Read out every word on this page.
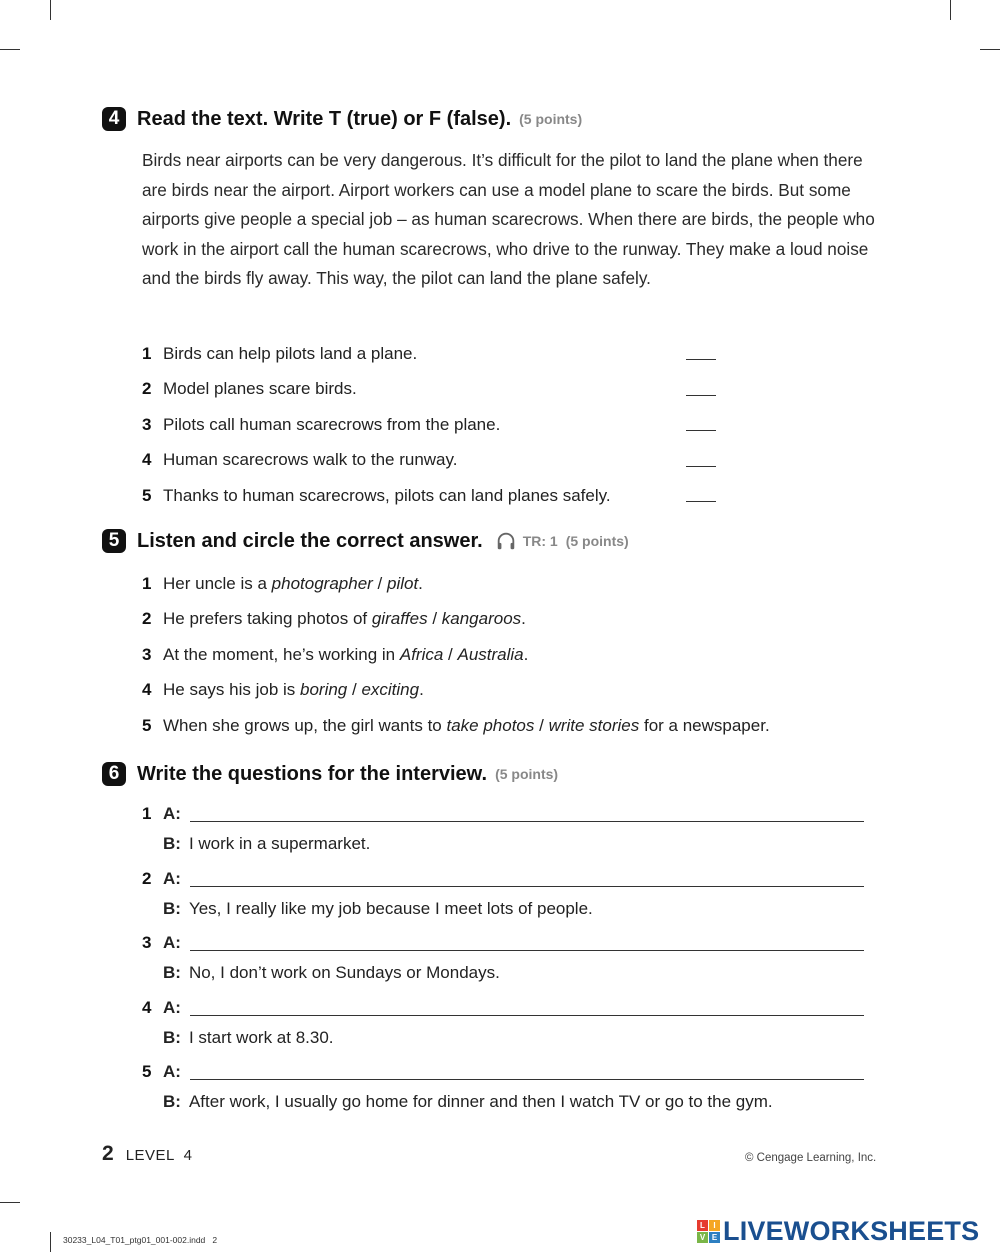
4 Read the text. Write T (true) or F (false). (5 points)
Birds near airports can be very dangerous. It’s difficult for the pilot to land the plane when there are birds near the airport. Airport workers can use a model plane to scare the birds. But some airports give people a special job – as human scarecrows. When there are birds, the people who work in the airport call the human scarecrows, who drive to the runway. They make a loud noise and the birds fly away. This way, the pilot can land the plane safely.
1 Birds can help pilots land a plane.
2 Model planes scare birds.
3 Pilots call human scarecrows from the plane.
4 Human scarecrows walk to the runway.
5 Thanks to human scarecrows, pilots can land planes safely.
5 Listen and circle the correct answer.	TR: 1 (5 points)
1 Her uncle is a photographer / pilot .
2 He prefers taking photos of giraffes / kangaroos .
3 At the moment, he’s working in Africa / Australia .
4 He says his job is boring / exciting .
5 When she grows up, the girl wants to take photos / write stories for a newspaper.
6 Write the questions for the interview. (5 points)
1 A:
B: I work in a supermarket.
2 A:
B: Yes, I really like my job because I meet lots of people.
3 A:
B: No, I don’t work on Sundays or Mondays.
4 A:
B: I start work at 8.30.
5 A:
B: After work, I usually go home for dinner and then I watch TV or go to the gym.
2 LEVEL  4	© Cengage Learning, Inc.
30233_L04_T01_ptg01_001-002.indd   2
L	I
V E LIVEWORKSHEETS
